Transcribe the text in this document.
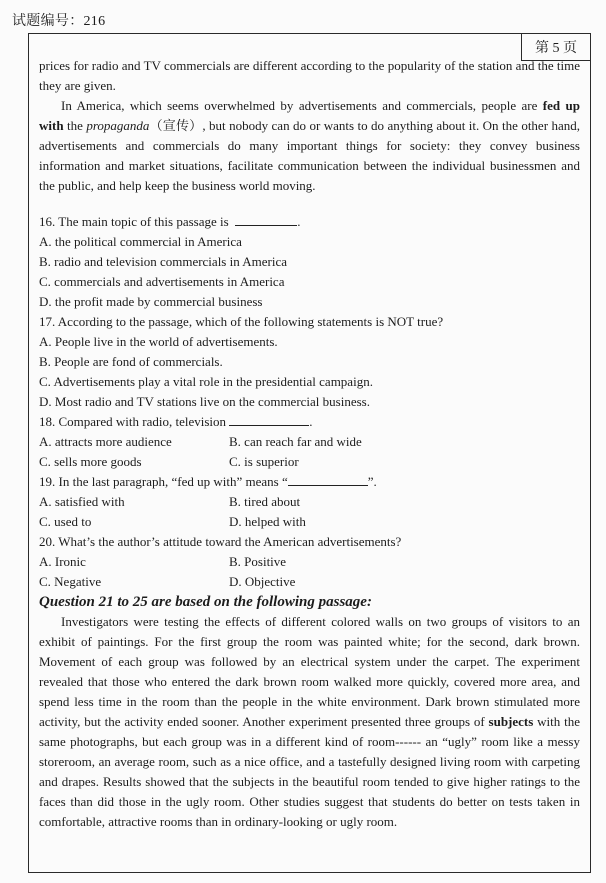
试题编号：216
第 5 页

prices for radio and TV commercials are different according to the popularity of the station and the time they are given.

In America, which seems overwhelmed by advertisements and commercials, people are fed up with the propaganda（宣传）, but nobody can do or wants to do anything about it. On the other hand, advertisements and commercials do many important things for society: they convey business information and market situations, facilitate communication between the individual businessmen and the public, and help keep the business world moving.

16. The main topic of this passage is	.

A. the political commercial in America

B. radio and television commercials in America

C. commercials and advertisements in America

D. the profit made by commercial business

17. According to the passage, which of the following statements is NOT true?

A. People live in the world of advertisements.

B. People are fond of commercials.

C. Advertisements play a vital role in the presidential campaign.

D. Most radio and TV stations live on the commercial business.

18. Compared with radio, television	.

A. attracts more audience	B. can reach far and wide
C. sells more goods	C. is superior

19. In the last paragraph, “fed up with” means “	”.

A. satisfied with	B. tired about
C. used to	D. helped with

20. What’s the author’s attitude toward the American advertisements?

A. Ironic	B. Positive
C. Negative	D. Objective

Question 21 to 25 are based on the following passage:

Investigators were testing the effects of different colored walls on two groups of visitors to an exhibit of paintings. For the first group the room was painted white; for the second, dark brown. Movement of each group was followed by an electrical system under the carpet. The experiment revealed that those who entered the dark brown room walked more quickly, covered more area, and spend less time in the room than the people in the white environment. Dark brown stimulated more activity, but the activity ended sooner. Another experiment presented three groups of subjects with the same photographs, but each group was in a different kind of room------ an “ugly” room like a messy storeroom, an average room, such as a nice office, and a tastefully designed living room with carpeting and drapes. Results showed that the subjects in the beautiful room tended to give higher ratings to the faces than did those in the ugly room. Other studies suggest that students do better on tests taken in comfortable, attractive rooms than in ordinary-looking or ugly room.
